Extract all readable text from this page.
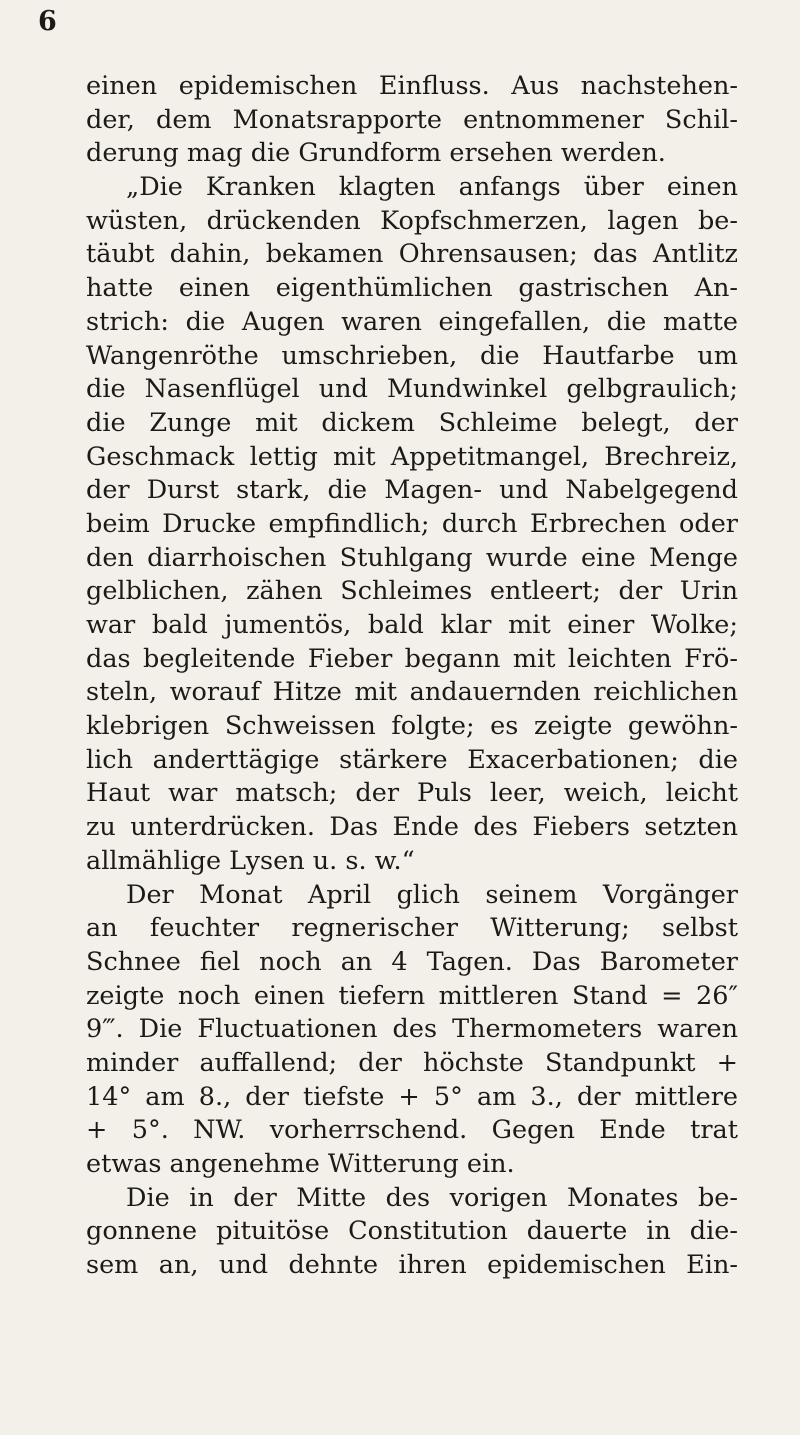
6
einen epidemischen Einfluss. Aus nachstehen-
der, dem Monatsrapporte entnommener Schil-
derung mag die Grundform ersehen werden.
„Die Kranken klagten anfangs über einen
wüsten, drückenden Kopfschmerzen, lagen be-
täubt dahin, bekamen Ohrensausen; das Antlitz
hatte einen eigenthümlichen gastrischen An-
strich: die Augen waren eingefallen, die matte
Wangenröthe umschrieben, die Hautfarbe um
die Nasenflügel und Mundwinkel gelbgraulich;
die Zunge mit dickem Schleime belegt, der
Geschmack lettig mit Appetitmangel, Brechreiz,
der Durst stark, die Magen- und Nabelgegend
beim Drucke empfindlich; durch Erbrechen oder
den diarrhoischen Stuhlgang wurde eine Menge
gelblichen, zähen Schleimes entleert; der Urin
war bald jumentös, bald klar mit einer Wolke;
das begleitende Fieber begann mit leichten Frö-
steln, worauf Hitze mit andauernden reichlichen
klebrigen Schweissen folgte; es zeigte gewöhn-
lich anderttägige stärkere Exacerbationen; die
Haut war matsch; der Puls leer, weich, leicht
zu unterdrücken. Das Ende des Fiebers setzten
allmählige Lysen u. s. w.“
Der Monat April glich seinem Vorgänger
an feuchter regnerischer Witterung; selbst
Schnee fiel noch an 4 Tagen. Das Barometer
zeigte noch einen tiefern mittleren Stand = 26″
9‴. Die Fluctuationen des Thermometers waren
minder auffallend; der höchste Standpunkt +
14° am 8., der tiefste + 5° am 3., der mittlere
+ 5°. NW. vorherrschend. Gegen Ende trat
etwas angenehme Witterung ein.
Die in der Mitte des vorigen Monates be-
gonnene pituitöse Constitution dauerte in die-
sem an, und dehnte ihren epidemischen Ein-
